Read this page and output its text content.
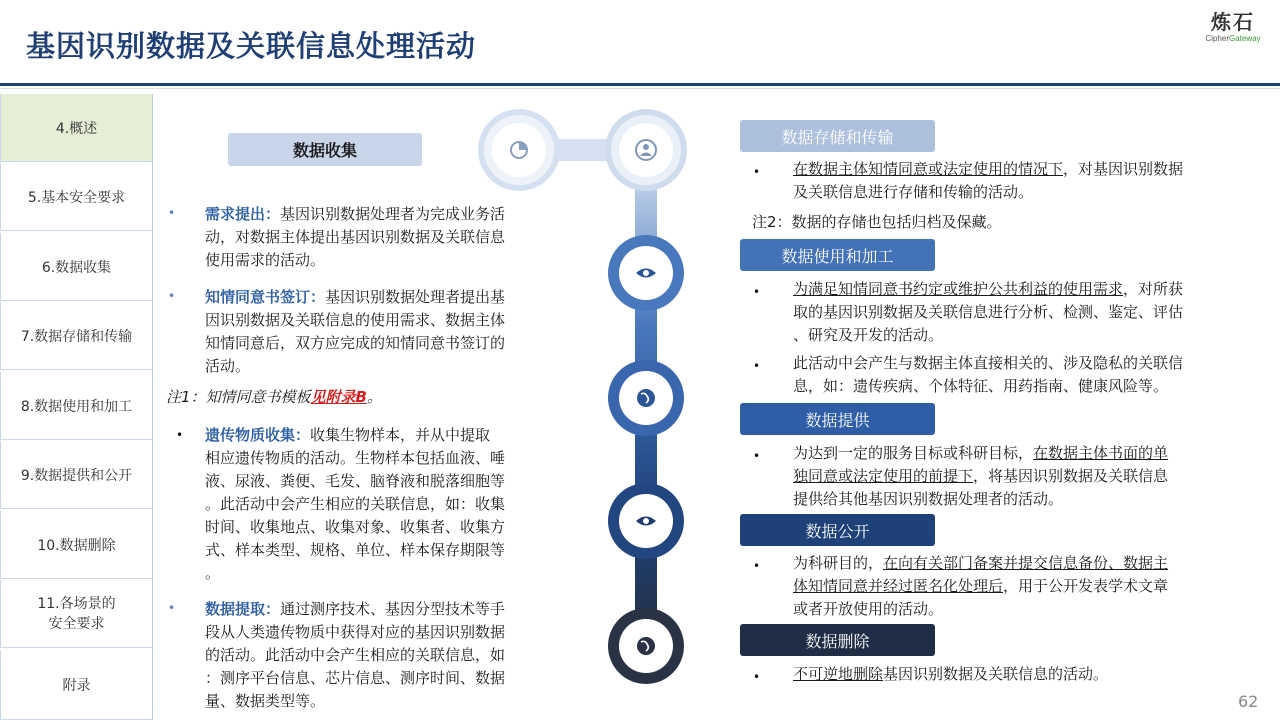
基因识别数据及关联信息处理活动
炼石
CipherGateway
4.概述
5.基本安全要求
6.数据收集
7.数据存储和传输
8.数据使用和加工
9.数据提供和公开
10.数据删除
11.各场景的
安全要求
附录
数据收集
• 需求提出：基因识别数据处理者为完成业务活
动，对数据主体提出基因识别数据及关联信息
使用需求的活动。
• 知情同意书签订：基因识别数据处理者提出基
因识别数据及关联信息的使用需求、数据主体
知情同意后，双方应完成的知情同意书签订的
活动。
注1：知情同意书模板见附录B。
• 遗传物质收集：收集生物样本，并从中提取
相应遗传物质的活动。生物样本包括血液、唾
液、尿液、粪便、毛发、脑脊液和脱落细胞等
。此活动中会产生相应的关联信息，如：收集
时间、收集地点、收集对象、收集者、收集方
式、样本类型、规格、单位、样本保存期限等
。
• 数据提取：通过测序技术、基因分型技术等手
段从人类遗传物质中获得对应的基因识别数据
的活动。此活动中会产生相应的关联信息，如
：测序平台信息、芯片信息、测序时间、数据
量、数据类型等。
数据存储和传输
• 在数据主体知情同意或法定使用的情况下，对基因识别数据
及关联信息进行存储和传输的活动。
注2：数据的存储也包括归档及保藏。
数据使用和加工
• 为满足知情同意书约定或维护公共利益的使用需求，对所获
取的基因识别数据及关联信息进行分析、检测、鉴定、评估
、研究及开发的活动。
• 此活动中会产生与数据主体直接相关的、涉及隐私的关联信
息，如：遗传疾病、个体特征、用药指南、健康风险等。
数据提供
• 为达到一定的服务目标或科研目标，在数据主体书面的单
独同意或法定使用的前提下，将基因识别数据及关联信息
提供给其他基因识别数据处理者的活动。
数据公开
• 为科研目的，在向有关部门备案并提交信息备份、数据主
体知情同意并经过匿名化处理后，用于公开发表学术文章
或者开放使用的活动。
数据删除
• 不可逆地删除基因识别数据及关联信息的活动。
62
